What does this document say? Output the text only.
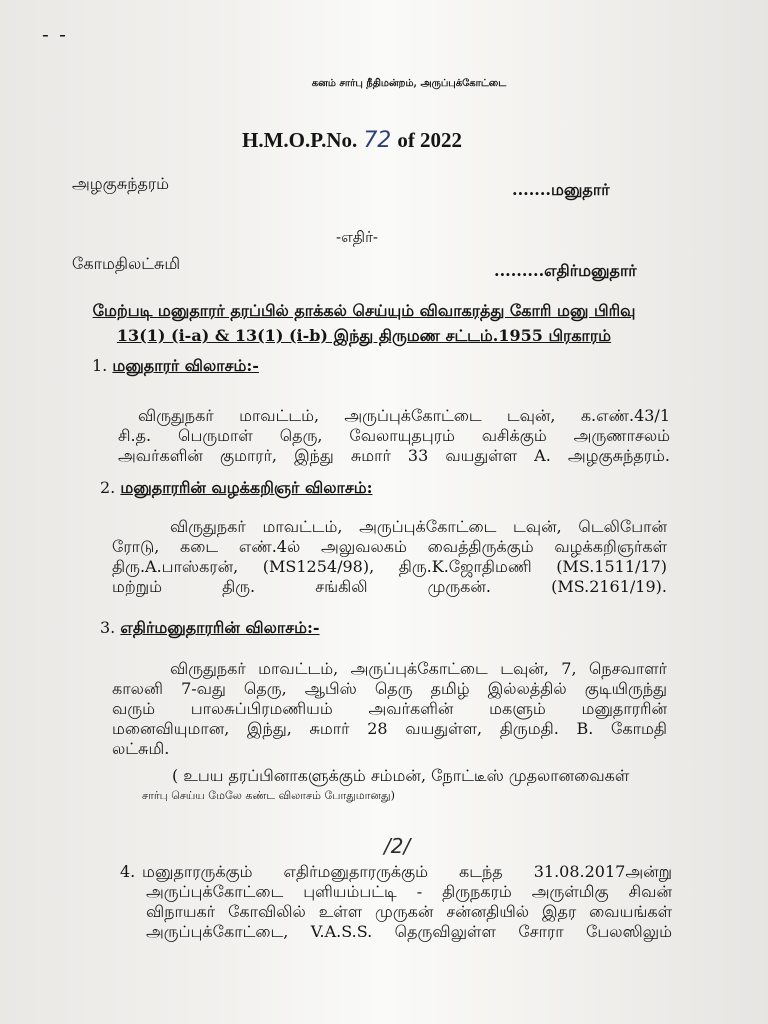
- -
கனம் சார்பு நீதிமன்றம், அருப்புக்கோட்டை
H.M.O.P.No. 72 of 2022
அழகுசுந்தரம்	.......மனுதார்
-எதிர்-
கோமதிலட்சுமி	.........எதிர்மனுதார்
மேற்படி மனுதாரர் தரப்பில் தாக்கல் செய்யும் விவாகரத்து கோரி மனு பிரிவு
13(1) (i-a) & 13(1) (i-b) இந்து திருமண சட்டம்.1955 பிரகாரம்
1. மனுதாரர் விலாசம்:-
விருதுநகர் மாவட்டம், அருப்புக்கோட்டை டவுன், க.எண்.43/1
சி.த. பெருமாள் தெரு, வேலாயுதபுரம் வசிக்கும் அருணாசலம்
அவர்களின் குமாரர், இந்து சுமார் 33 வயதுள்ள A. அழகுசுந்தரம்.
2. மனுதாரரின் வழக்கறிஞர் விலாசம்:
விருதுநகர் மாவட்டம், அருப்புக்கோட்டை டவுன், டெலிபோன்
ரோடு, கடை எண்.4ல் அலுவலகம் வைத்திருக்கும் வழக்கறிஞர்கள்
திரு.A.பாஸ்கரன், (MS1254/98), திரு.K.ஜோதிமணி (MS.1511/17)
மற்றும் திரு. சங்கிலி முருகன். (MS.2161/19).
3. எதிர்மனுதாரரின் விலாசம்:-
விருதுநகர் மாவட்டம், அருப்புக்கோட்டை டவுன், 7, நெசவாளர்
காலனி 7-வது தெரு, ஆபிஸ் தெரு தமிழ் இல்லத்தில் குடியிருந்து
வரும் பாலசுப்பிரமணியம் அவர்களின் மகளும் மனுதாரரின்
மனைவியுமான, இந்து, சுமார் 28 வயதுள்ள, திருமதி. B. கோமதி
லட்சுமி.
( உபய தரப்பினாகளுக்கும் சம்மன், நோட்டீஸ் முதலானவைகள்
சார்பு செய்ய மேலே கண்ட விலாசம் போதுமானது)
/2/
4. மனுதாரருக்கும் எதிர்மனுதாரருக்கும் கடந்த 31.08.2017அன்று
அருப்புக்கோட்டை புளியம்பட்டி - திருநகரம் அருள்மிகு சிவன்
விநாயகர் கோவிலில் உள்ள முருகன் சன்னதியில் இதர வையங்கள்
அருப்புக்கோட்டை, V.A.S.S. தெருவிலுள்ள சோரா பேலஸிலும்
